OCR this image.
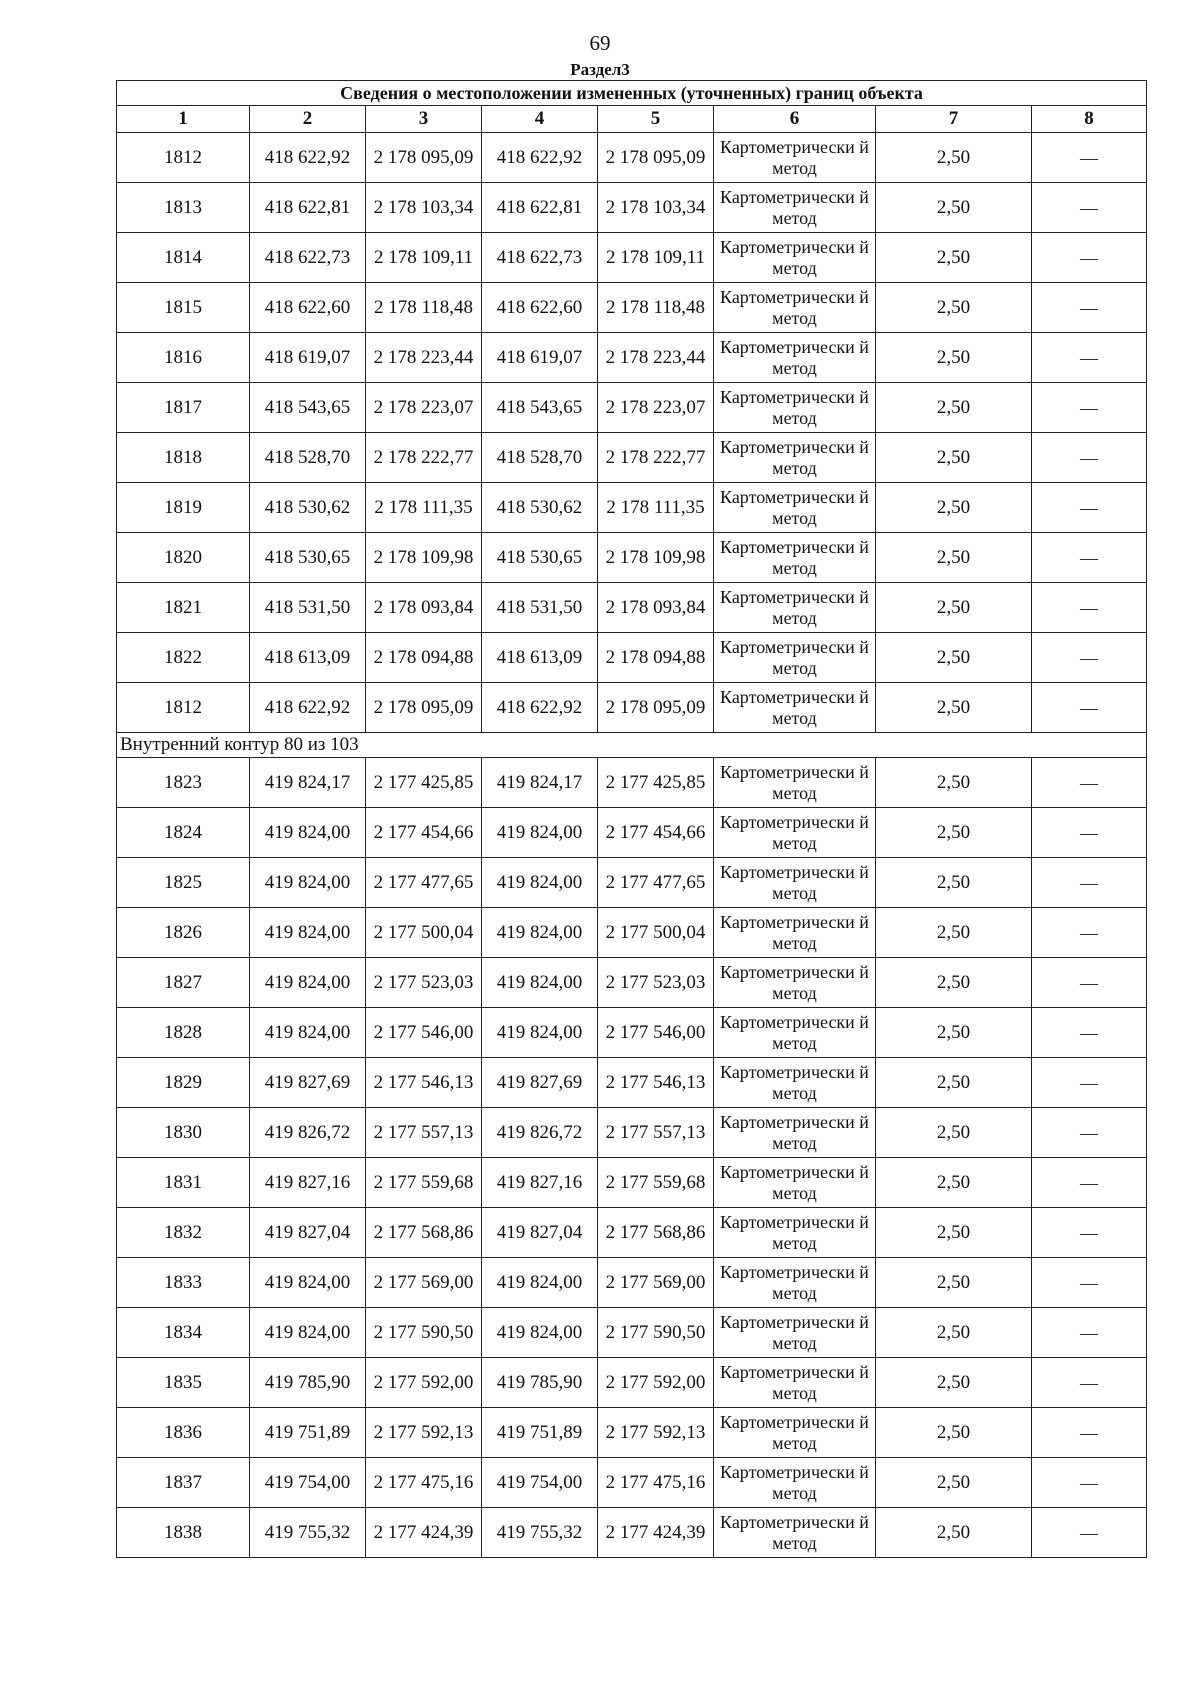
69
Раздел3
Сведения о местоположении измененных (уточненных) границ объекта							
1	2	3	4	5	6	7	8
1812	418 622,92	2 178 095,09	418 622,92	2 178 095,09	Картометрически й метод	2,50	—
1813	418 622,81	2 178 103,34	418 622,81	2 178 103,34	Картометрически й метод	2,50	—
1814	418 622,73	2 178 109,11	418 622,73	2 178 109,11	Картометрически й метод	2,50	—
1815	418 622,60	2 178 118,48	418 622,60	2 178 118,48	Картометрически й метод	2,50	—
1816	418 619,07	2 178 223,44	418 619,07	2 178 223,44	Картометрически й метод	2,50	—
1817	418 543,65	2 178 223,07	418 543,65	2 178 223,07	Картометрически й метод	2,50	—
1818	418 528,70	2 178 222,77	418 528,70	2 178 222,77	Картометрически й метод	2,50	—
1819	418 530,62	2 178 111,35	418 530,62	2 178 111,35	Картометрически й метод	2,50	—
1820	418 530,65	2 178 109,98	418 530,65	2 178 109,98	Картометрически й метод	2,50	—
1821	418 531,50	2 178 093,84	418 531,50	2 178 093,84	Картометрически й метод	2,50	—
1822	418 613,09	2 178 094,88	418 613,09	2 178 094,88	Картометрически й метод	2,50	—
1812	418 622,92	2 178 095,09	418 622,92	2 178 095,09	Картометрически й метод	2,50	—
Внутренний контур 80 из 103							
1823	419 824,17	2 177 425,85	419 824,17	2 177 425,85	Картометрически й метод	2,50	—
1824	419 824,00	2 177 454,66	419 824,00	2 177 454,66	Картометрически й метод	2,50	—
1825	419 824,00	2 177 477,65	419 824,00	2 177 477,65	Картометрически й метод	2,50	—
1826	419 824,00	2 177 500,04	419 824,00	2 177 500,04	Картометрически й метод	2,50	—
1827	419 824,00	2 177 523,03	419 824,00	2 177 523,03	Картометрически й метод	2,50	—
1828	419 824,00	2 177 546,00	419 824,00	2 177 546,00	Картометрически й метод	2,50	—
1829	419 827,69	2 177 546,13	419 827,69	2 177 546,13	Картометрически й метод	2,50	—
1830	419 826,72	2 177 557,13	419 826,72	2 177 557,13	Картометрически й метод	2,50	—
1831	419 827,16	2 177 559,68	419 827,16	2 177 559,68	Картометрически й метод	2,50	—
1832	419 827,04	2 177 568,86	419 827,04	2 177 568,86	Картометрически й метод	2,50	—
1833	419 824,00	2 177 569,00	419 824,00	2 177 569,00	Картометрически й метод	2,50	—
1834	419 824,00	2 177 590,50	419 824,00	2 177 590,50	Картометрически й метод	2,50	—
1835	419 785,90	2 177 592,00	419 785,90	2 177 592,00	Картометрически й метод	2,50	—
1836	419 751,89	2 177 592,13	419 751,89	2 177 592,13	Картометрически й метод	2,50	—
1837	419 754,00	2 177 475,16	419 754,00	2 177 475,16	Картометрически й метод	2,50	—
1838	419 755,32	2 177 424,39	419 755,32	2 177 424,39	Картометрически й метод	2,50	—
